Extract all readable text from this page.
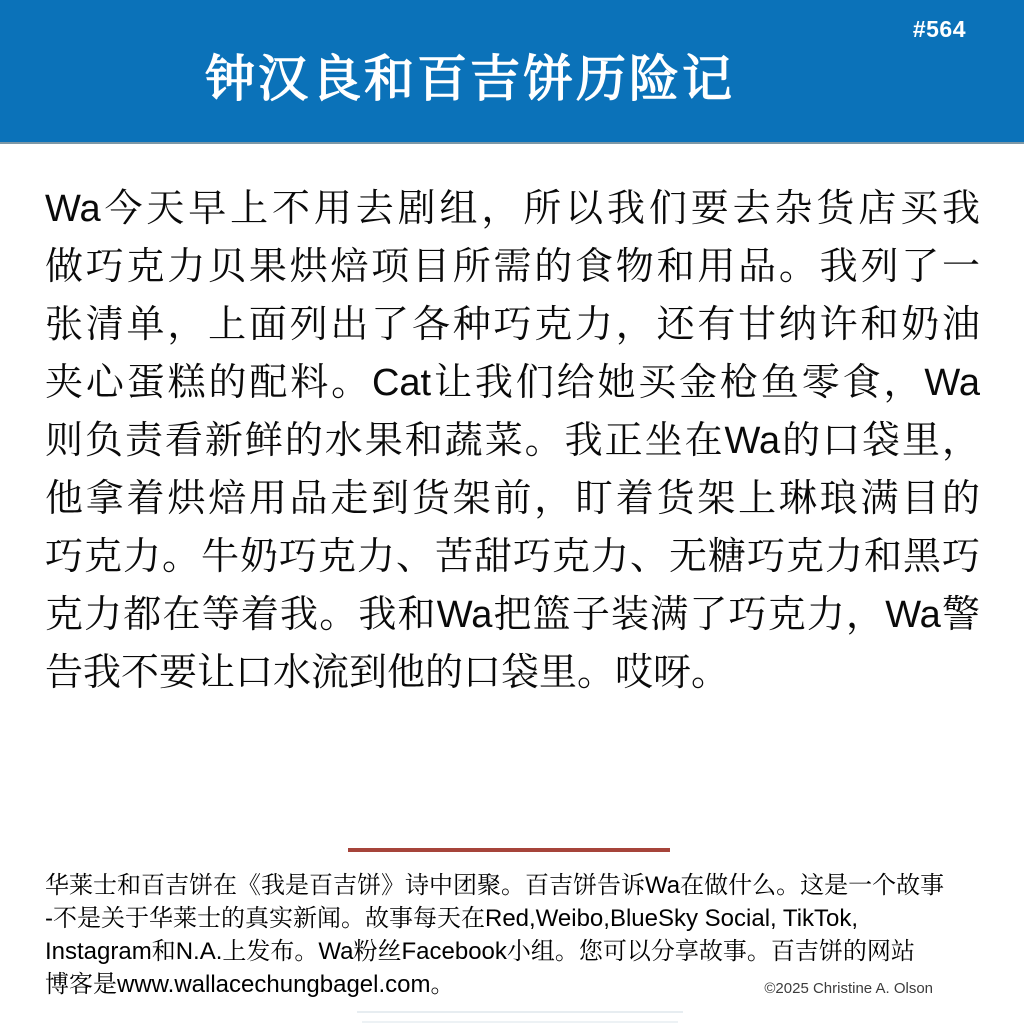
#564
钟汉良和百吉饼历险记
Wa今天早上不用去剧组，所以我们要去杂货店买我
做巧克力贝果烘焙项目所需的食物和用品。我列了一
张清单，上面列出了各种巧克力，还有甘纳许和奶油
夹心蛋糕的配料。Cat让我们给她买金枪鱼零食，Wa
则负责看新鲜的水果和蔬菜。我正坐在Wa的口袋里，
他拿着烘焙用品走到货架前，盯着货架上琳琅满目的
巧克力。牛奶巧克力、苦甜巧克力、无糖巧克力和黑巧
克力都在等着我。我和Wa把篮子装满了巧克力，Wa警
告我不要让口水流到他的口袋里。哎呀。
华莱士和百吉饼在《我是百吉饼》诗中团聚。百吉饼告诉Wa在做什么。这是一个故事
-不是关于华莱士的真实新闻。故事每天在Red,Weibo,BlueSky Social, TikTok,
Instagram和N.A.上发布。Wa粉丝Facebook小组。您可以分享故事。百吉饼的网站
博客是www.wallacechungbagel.com。	©2025 Christine A. Olson
